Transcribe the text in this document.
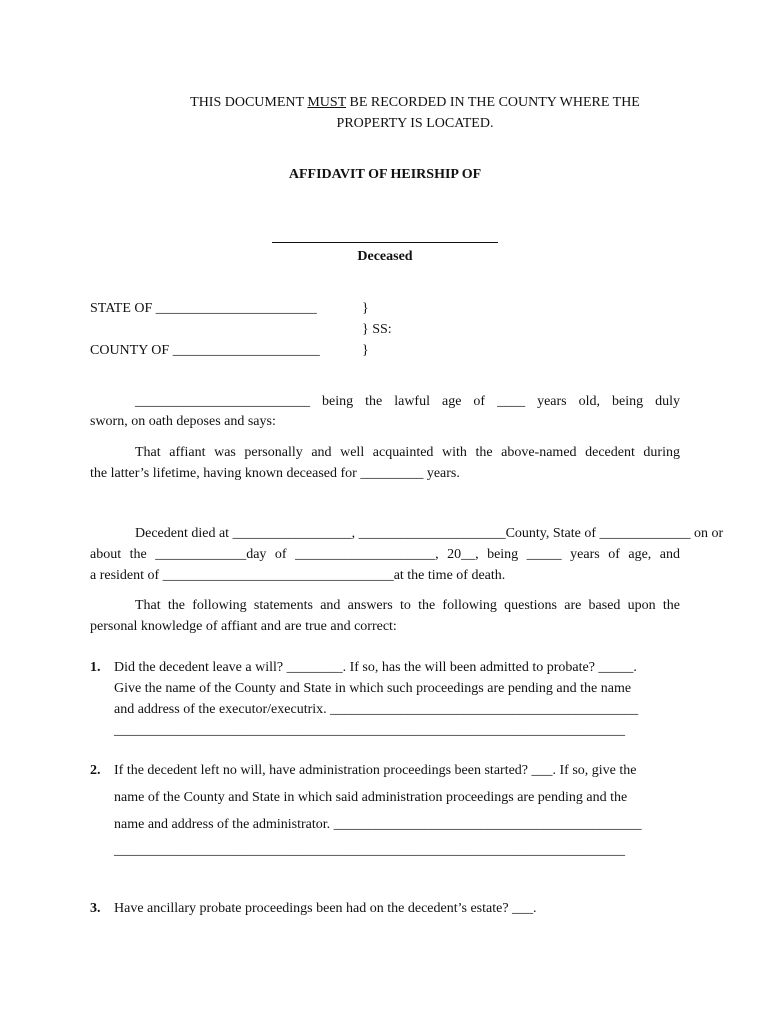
THIS DOCUMENT MUST BE RECORDED IN THE COUNTY WHERE THE
PROPERTY IS LOCATED.
AFFIDAVIT OF HEIRSHIP OF
Deceased
STATE OF _______________________	}
} SS:
COUNTY OF _____________________	}
_________________________ being the lawful age of ____ years old, being duly
sworn, on oath deposes and says:
That affiant was personally and well acquainted with the above-named decedent during
the latter’s lifetime, having known deceased for _________ years.
Decedent died at _________________, _____________________County, State of _____________ on or
about the _____________day of ____________________, 20__, being _____ years of age, and
a resident of _________________________________at the time of death.
That the following statements and answers to the following questions are based upon the
personal knowledge of affiant and are true and correct:
1. Did the decedent leave a will? ________. If so, has the will been admitted to probate? _____.
Give the name of the County and State in which such proceedings are pending and the name
and address of the executor/executrix. ____________________________________________
_________________________________________________________________________
2. If the decedent left no will, have administration proceedings been started? ___. If so, give the
name of the County and State in which said administration proceedings are pending and the
name and address of the administrator. ____________________________________________
_________________________________________________________________________
3. Have ancillary probate proceedings been had on the decedent’s estate? ___.
